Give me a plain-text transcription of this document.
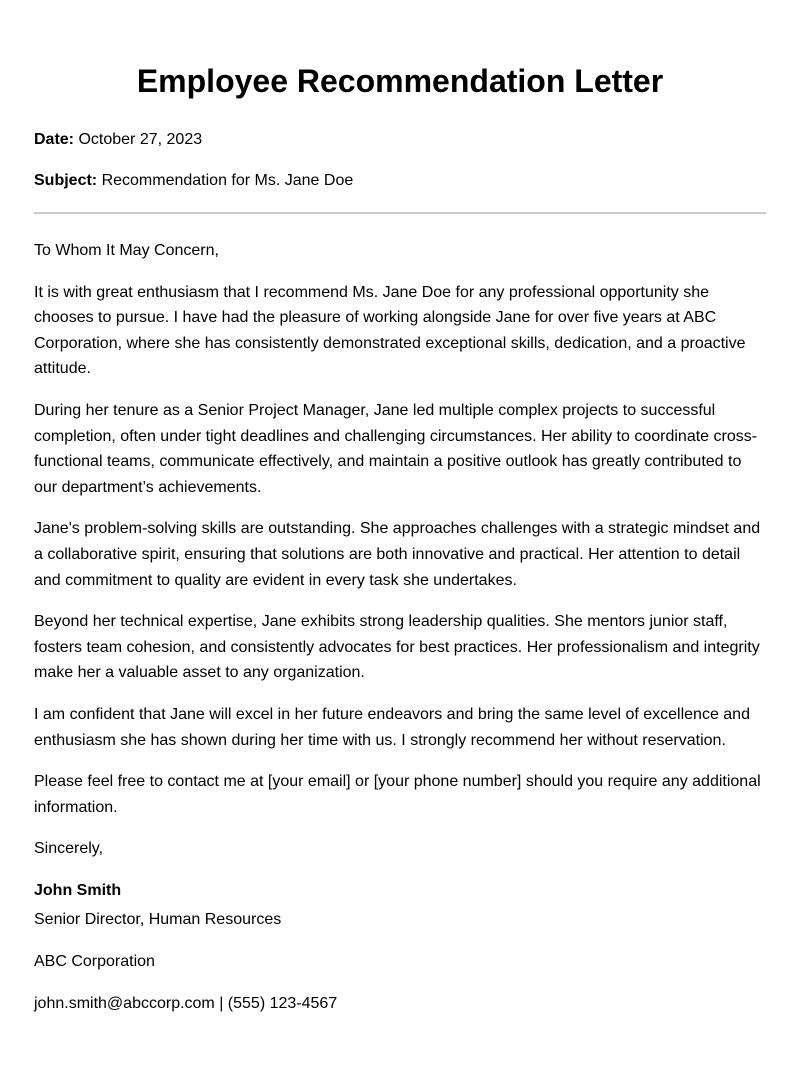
Employee Recommendation Letter

Date: October 27, 2023

Subject: Recommendation for Ms. Jane Doe

To Whom It May Concern,

It is with great enthusiasm that I recommend Ms. Jane Doe for any professional opportunity she chooses to pursue. I have had the pleasure of working alongside Jane for over five years at ABC Corporation, where she has consistently demonstrated exceptional skills, dedication, and a proactive attitude.

During her tenure as a Senior Project Manager, Jane led multiple complex projects to successful completion, often under tight deadlines and challenging circumstances. Her ability to coordinate cross-functional teams, communicate effectively, and maintain a positive outlook has greatly contributed to our department’s achievements.

Jane's problem-solving skills are outstanding. She approaches challenges with a strategic mindset and a collaborative spirit, ensuring that solutions are both innovative and practical. Her attention to detail and commitment to quality are evident in every task she undertakes.

Beyond her technical expertise, Jane exhibits strong leadership qualities. She mentors junior staff, fosters team cohesion, and consistently advocates for best practices. Her professionalism and integrity make her a valuable asset to any organization.

I am confident that Jane will excel in her future endeavors and bring the same level of excellence and enthusiasm she has shown during her time with us. I strongly recommend her without reservation.

Please feel free to contact me at [your email] or [your phone number] should you require any additional information.

Sincerely,

John Smith

Senior Director, Human Resources

ABC Corporation

john.smith@abccorp.com | (555) 123-4567
